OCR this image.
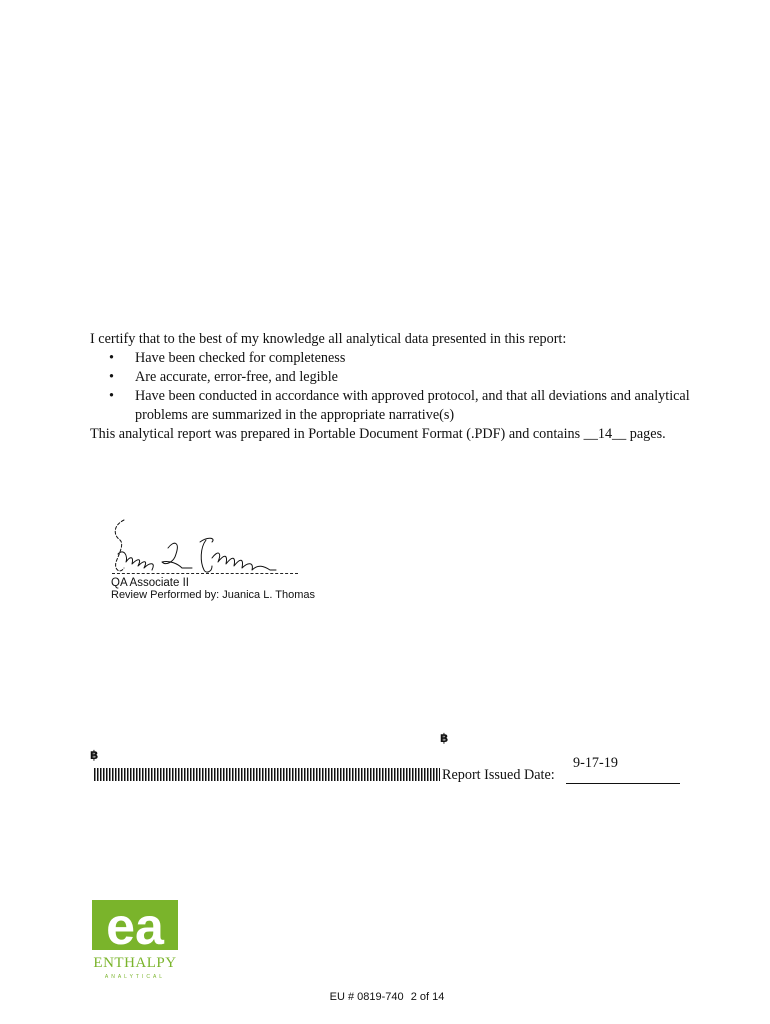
I certify that to the best of my knowledge all analytical data presented in this report:
• Have been checked for completeness
• Are accurate, error-free, and legible
• Have been conducted in accordance with approved protocol, and that all deviations and analytical problems are summarized in the appropriate narrative(s)
This analytical report was prepared in Portable Document Format (.PDF) and contains __14__ pages.
QA Associate II
Review Performed by: Juanica L. Thomas
฿
฿	9-17-19
Report Issued Date:
ea
ENTHALPY
ANALYTICAL
EU # 0819-740 2 of 14
